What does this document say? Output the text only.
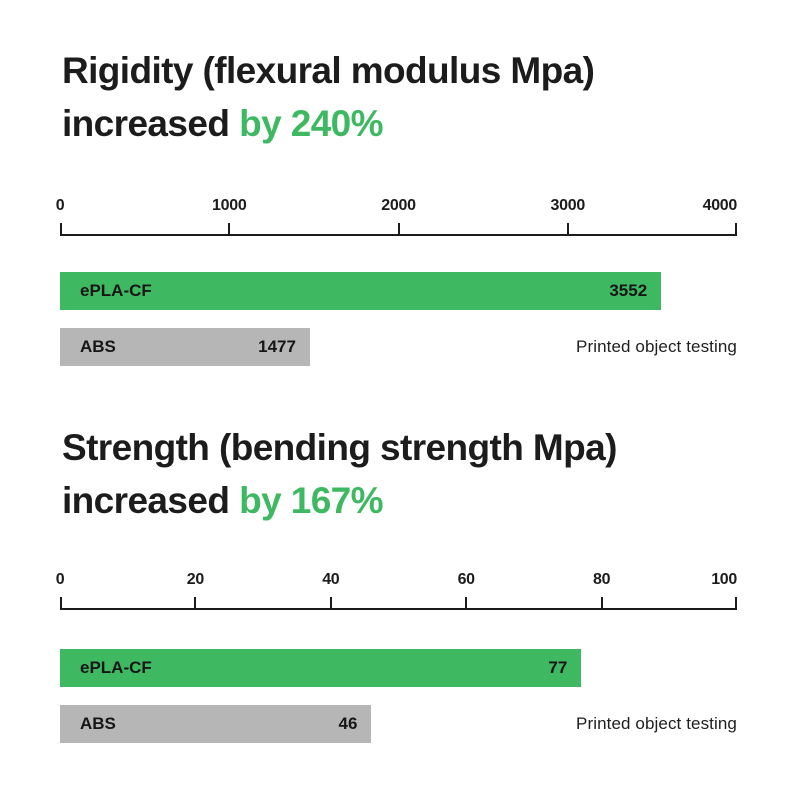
Rigidity (flexural modulus Mpa)
increased by 240%
0	1000	2000	3000	4000
ePLA-CF	3552
ABS	1477	Printed object testing
Strength (bending strength Mpa)
increased by 167%
0	20	40	60	80	100
ePLA-CF	77
ABS	46	Printed object testing
